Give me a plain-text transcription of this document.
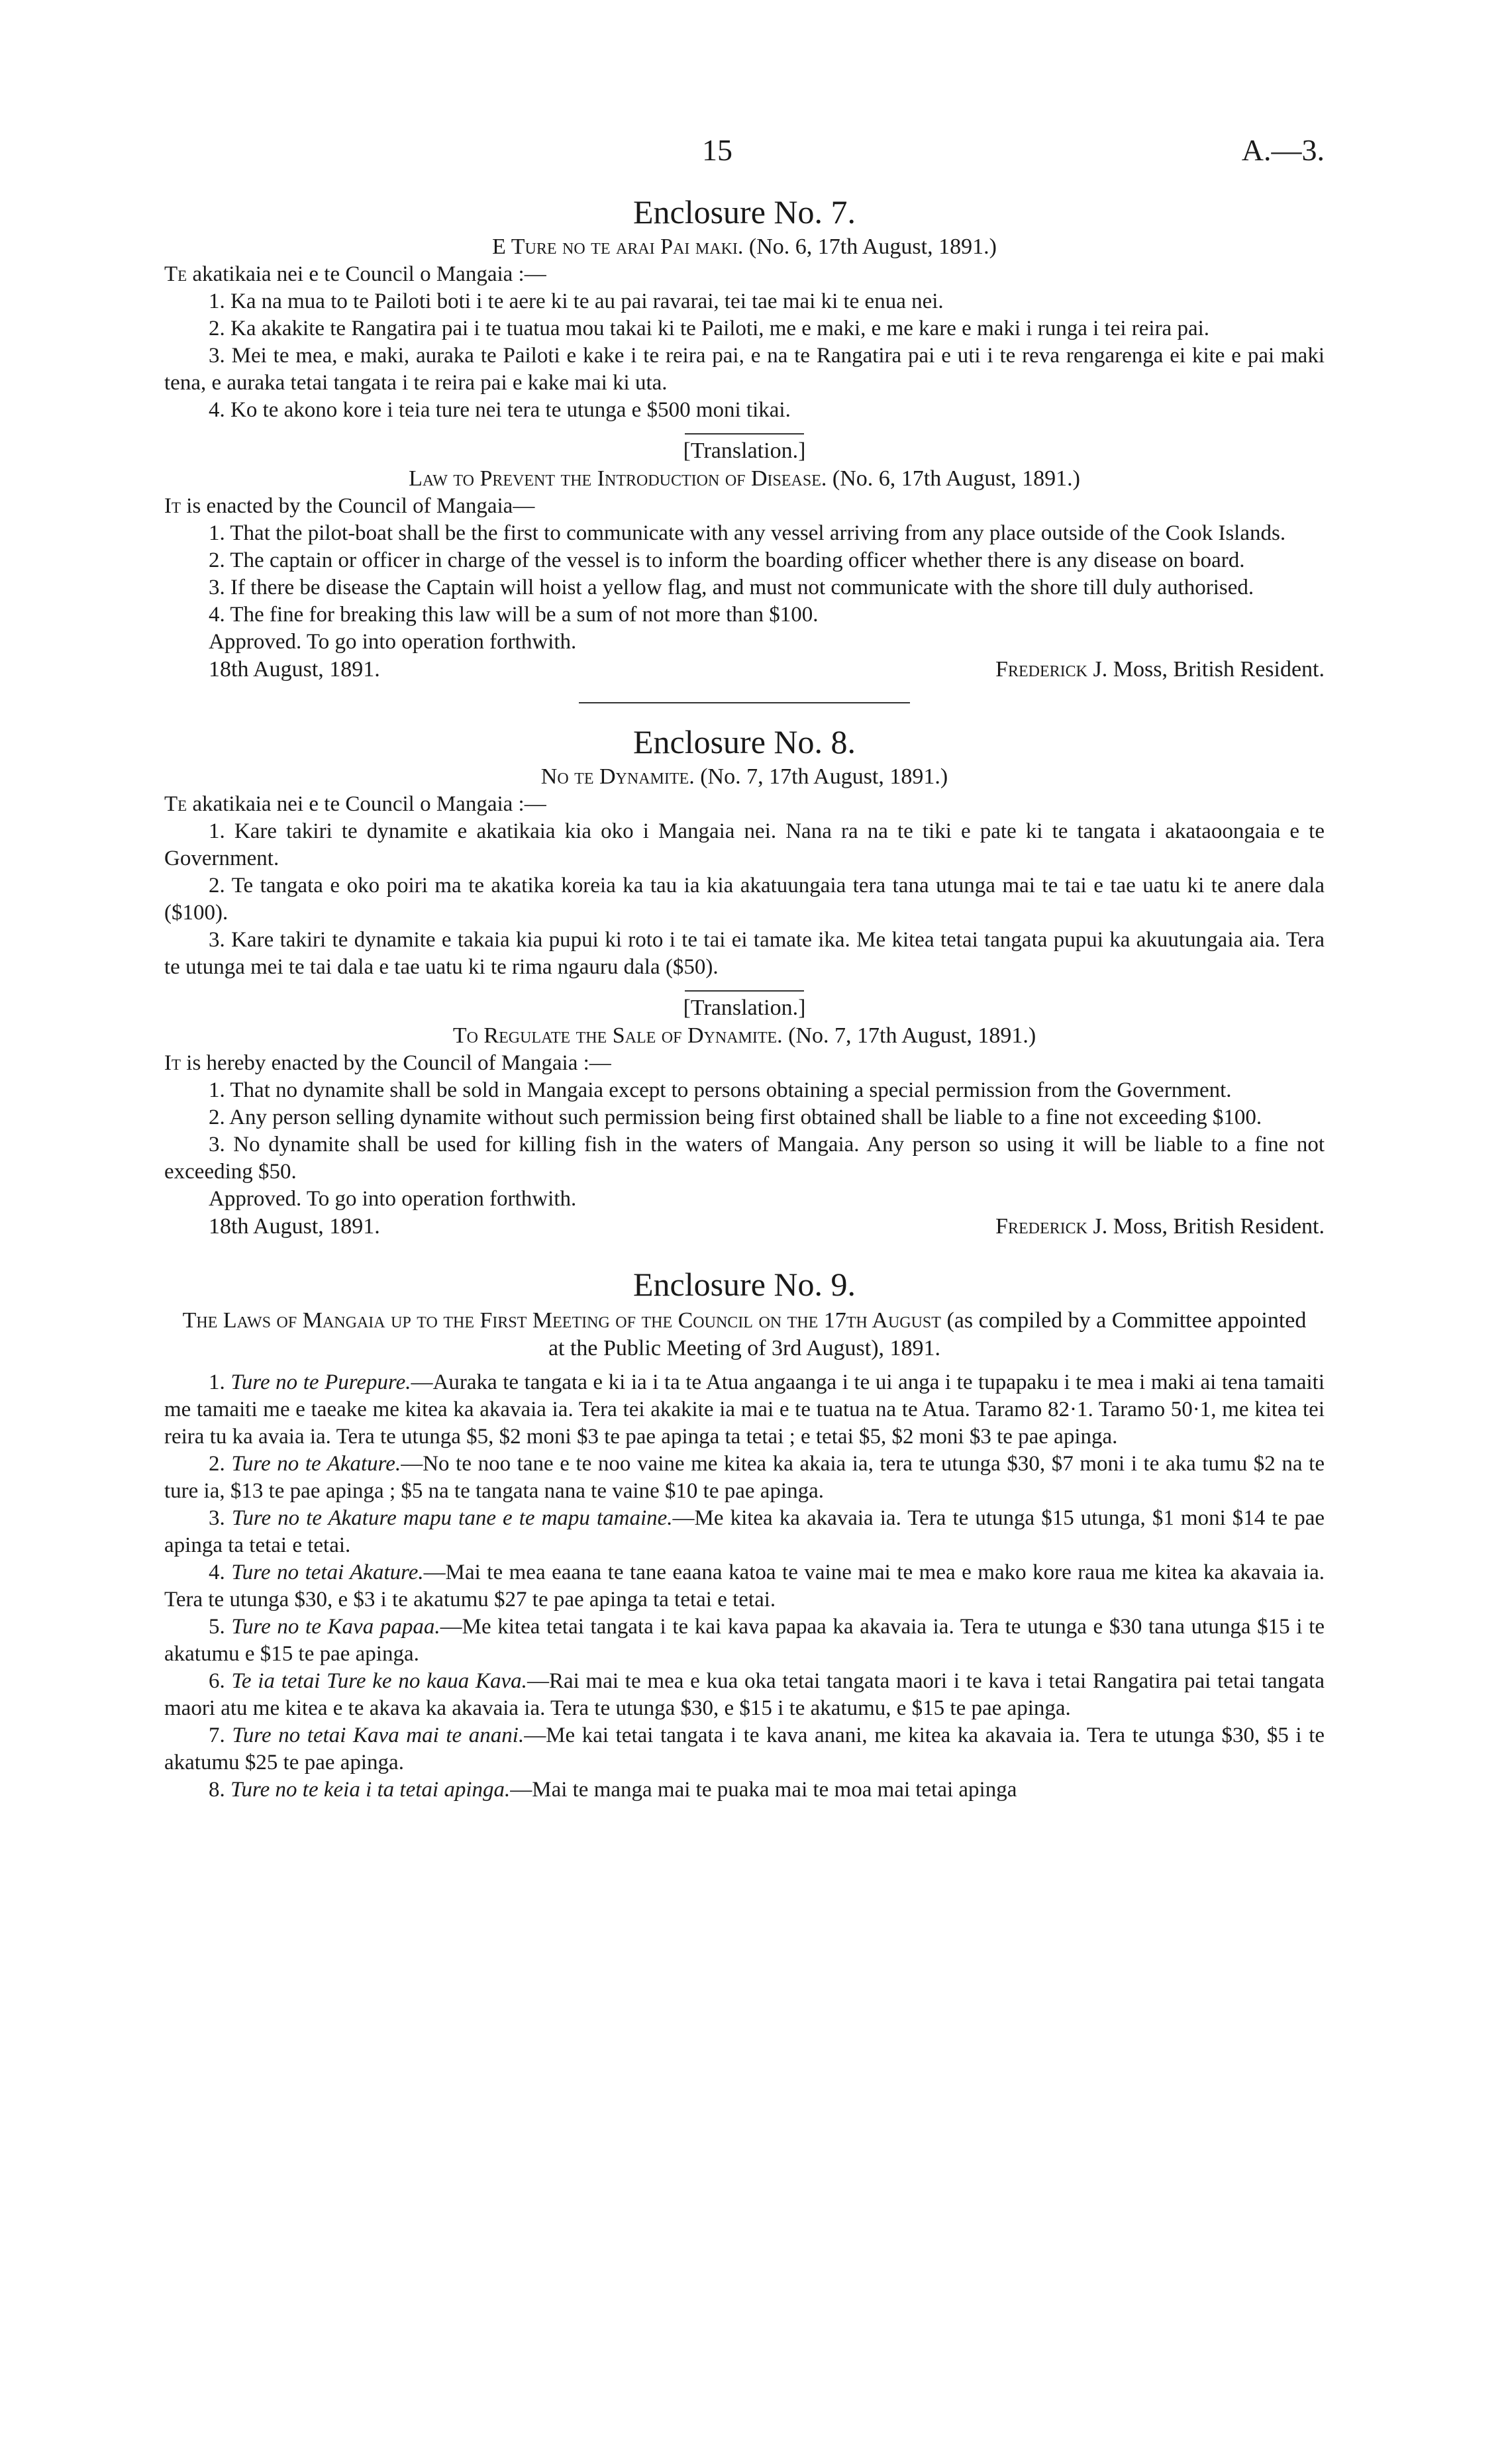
15	A.—3.

Enclosure No. 7.

E Ture no te arai Pai maki. (No. 6, 17th August, 1891.)

Te akatikaia nei e te Council o Mangaia :—

1. Ka na mua to te Pailoti boti i te aere ki te au pai ravarai, tei tae mai ki te enua nei.

2. Ka akakite te Rangatira pai i te tuatua mou takai ki te Pailoti, me e maki, e me kare e maki i runga i tei reira pai.

3. Mei te mea, e maki, auraka te Pailoti e kake i te reira pai, e na te Rangatira pai e uti i te reva rengarenga ei kite e pai maki tena, e auraka tetai tangata i te reira pai e kake mai ki uta.

4. Ko te akono kore i teia ture nei tera te utunga e $500 moni tikai.

[Translation.]

Law to Prevent the Introduction of Disease. (No. 6, 17th August, 1891.)

It is enacted by the Council of Mangaia—

1. That the pilot-boat shall be the first to communicate with any vessel arriving from any place outside of the Cook Islands.

2. The captain or officer in charge of the vessel is to inform the boarding officer whether there is any disease on board.

3. If there be disease the Captain will hoist a yellow flag, and must not communicate with the shore till duly authorised.

4. The fine for breaking this law will be a sum of not more than $100.

Approved. To go into operation forthwith.

18th August, 1891.	Frederick J. Moss, British Resident.

Enclosure No. 8.

No te Dynamite. (No. 7, 17th August, 1891.)

Te akatikaia nei e te Council o Mangaia :—

1. Kare takiri te dynamite e akatikaia kia oko i Mangaia nei. Nana ra na te tiki e pate ki te tangata i akataoongaia e te Government.

2. Te tangata e oko poiri ma te akatika koreia ka tau ia kia akatuungaia tera tana utunga mai te tai e tae uatu ki te anere dala ($100).

3. Kare takiri te dynamite e takaia kia pupui ki roto i te tai ei tamate ika. Me kitea tetai tangata pupui ka akuutungaia aia. Tera te utunga mei te tai dala e tae uatu ki te rima ngauru dala ($50).

[Translation.]

To Regulate the Sale of Dynamite. (No. 7, 17th August, 1891.)

It is hereby enacted by the Council of Mangaia :—

1. That no dynamite shall be sold in Mangaia except to persons obtaining a special permission from the Government.

2. Any person selling dynamite without such permission being first obtained shall be liable to a fine not exceeding $100.

3. No dynamite shall be used for killing fish in the waters of Mangaia. Any person so using it will be liable to a fine not exceeding $50.

Approved. To go into operation forthwith.

18th August, 1891.	Frederick J. Moss, British Resident.

Enclosure No. 9.

The Laws of Mangaia up to the First Meeting of the Council on the 17th August (as compiled by a Committee appointed at the Public Meeting of 3rd August), 1891.

1. Ture no te Purepure.—Auraka te tangata e ki ia i ta te Atua angaanga i te ui anga i te tupapaku i te mea i maki ai tena tamaiti me tamaiti me e taeake me kitea ka akavaia ia. Tera tei akakite ia mai e te tuatua na te Atua. Taramo 82·1. Taramo 50·1, me kitea tei reira tu ka avaia ia. Tera te utunga $5, $2 moni $3 te pae apinga ta tetai ; e tetai $5, $2 moni $3 te pae apinga.

2. Ture no te Akature.—No te noo tane e te noo vaine me kitea ka akaia ia, tera te utunga $30, $7 moni i te aka tumu $2 na te ture ia, $13 te pae apinga ; $5 na te tangata nana te vaine $10 te pae apinga.

3. Ture no te Akature mapu tane e te mapu tamaine.—Me kitea ka akavaia ia. Tera te utunga $15 utunga, $1 moni $14 te pae apinga ta tetai e tetai.

4. Ture no tetai Akature.—Mai te mea eaana te tane eaana katoa te vaine mai te mea e mako kore raua me kitea ka akavaia ia. Tera te utunga $30, e $3 i te akatumu $27 te pae apinga ta tetai e tetai.

5. Ture no te Kava papaa.—Me kitea tetai tangata i te kai kava papaa ka akavaia ia. Tera te utunga e $30 tana utunga $15 i te akatumu e $15 te pae apinga.

6. Te ia tetai Ture ke no kaua Kava.—Rai mai te mea e kua oka tetai tangata maori i te kava i tetai Rangatira pai tetai tangata maori atu me kitea e te akava ka akavaia ia. Tera te utunga $30, e $15 i te akatumu, e $15 te pae apinga.

7. Ture no tetai Kava mai te anani.—Me kai tetai tangata i te kava anani, me kitea ka akavaia ia. Tera te utunga $30, $5 i te akatumu $25 te pae apinga.

8. Ture no te keia i ta tetai apinga.—Mai te manga mai te puaka mai te moa mai tetai apinga
